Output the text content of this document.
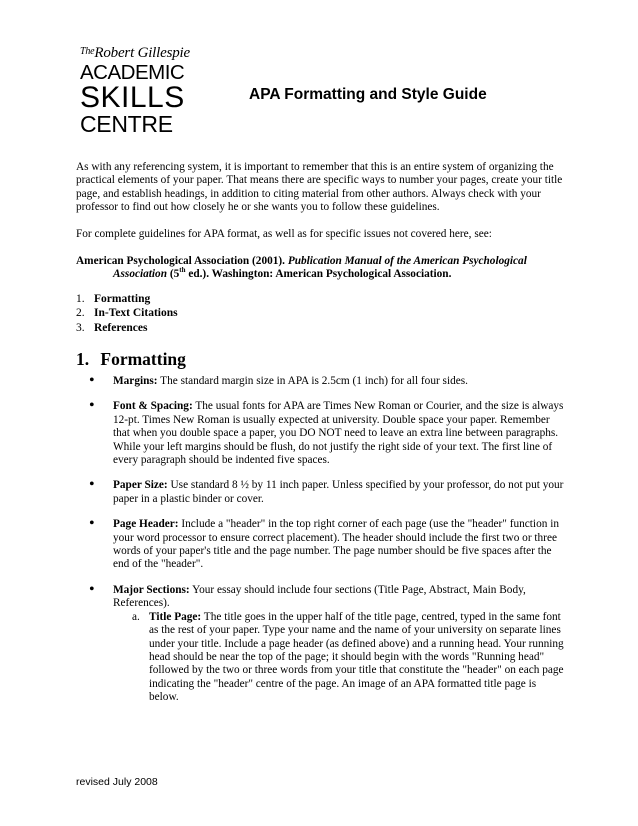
$^{The}$Robert Gillespie
ACADEMIC
SKILLS
CENTRE
APA Formatting and Style Guide
As with any referencing system, it is important to remember that this is an entire system of organizing the practical elements of your paper. That means there are specific ways to number your pages, create your title page, and establish headings, in addition to citing material from other authors. Always check with your professor to find out how closely he or she wants you to follow these guidelines.
For complete guidelines for APA format, as well as for specific issues not covered here, see:
American Psychological Association (2001). Publication Manual of the American Psychological
Association (5th ed.). Washington: American Psychological Association.
1. Formatting
2. In-Text Citations
3. References
1. Formatting
• Margins: The standard margin size in APA is 2.5cm (1 inch) for all four sides.
• Font & Spacing: The usual fonts for APA are Times New Roman or Courier, and the size is always 12-pt. Times New Roman is usually expected at university. Double space your paper. Remember that when you double space a paper, you DO NOT need to leave an extra line between paragraphs. While your left margins should be flush, do not justify the right side of your text. The first line of every paragraph should be indented five spaces.
• Paper Size: Use standard 8 ½ by 11 inch paper. Unless specified by your professor, do not put your paper in a plastic binder or cover.
• Page Header: Include a "header" in the top right corner of each page (use the "header" function in your word processor to ensure correct placement). The header should include the first two or three words of your paper's title and the page number. The page number should be five spaces after the end of the "header".
• Major Sections: Your essay should include four sections (Title Page, Abstract, Main Body, References).
a. Title Page: The title goes in the upper half of the title page, centred, typed in the same font as the rest of your paper. Type your name and the name of your university on separate lines under your title. Include a page header (as defined above) and a running head. Your running head should be near the top of the page; it should begin with the words "Running head" followed by the two or three words from your title that constitute the "header" on each page indicating the "header" centre of the page. An image of an APA formatted title page is below.
revised July 2008
